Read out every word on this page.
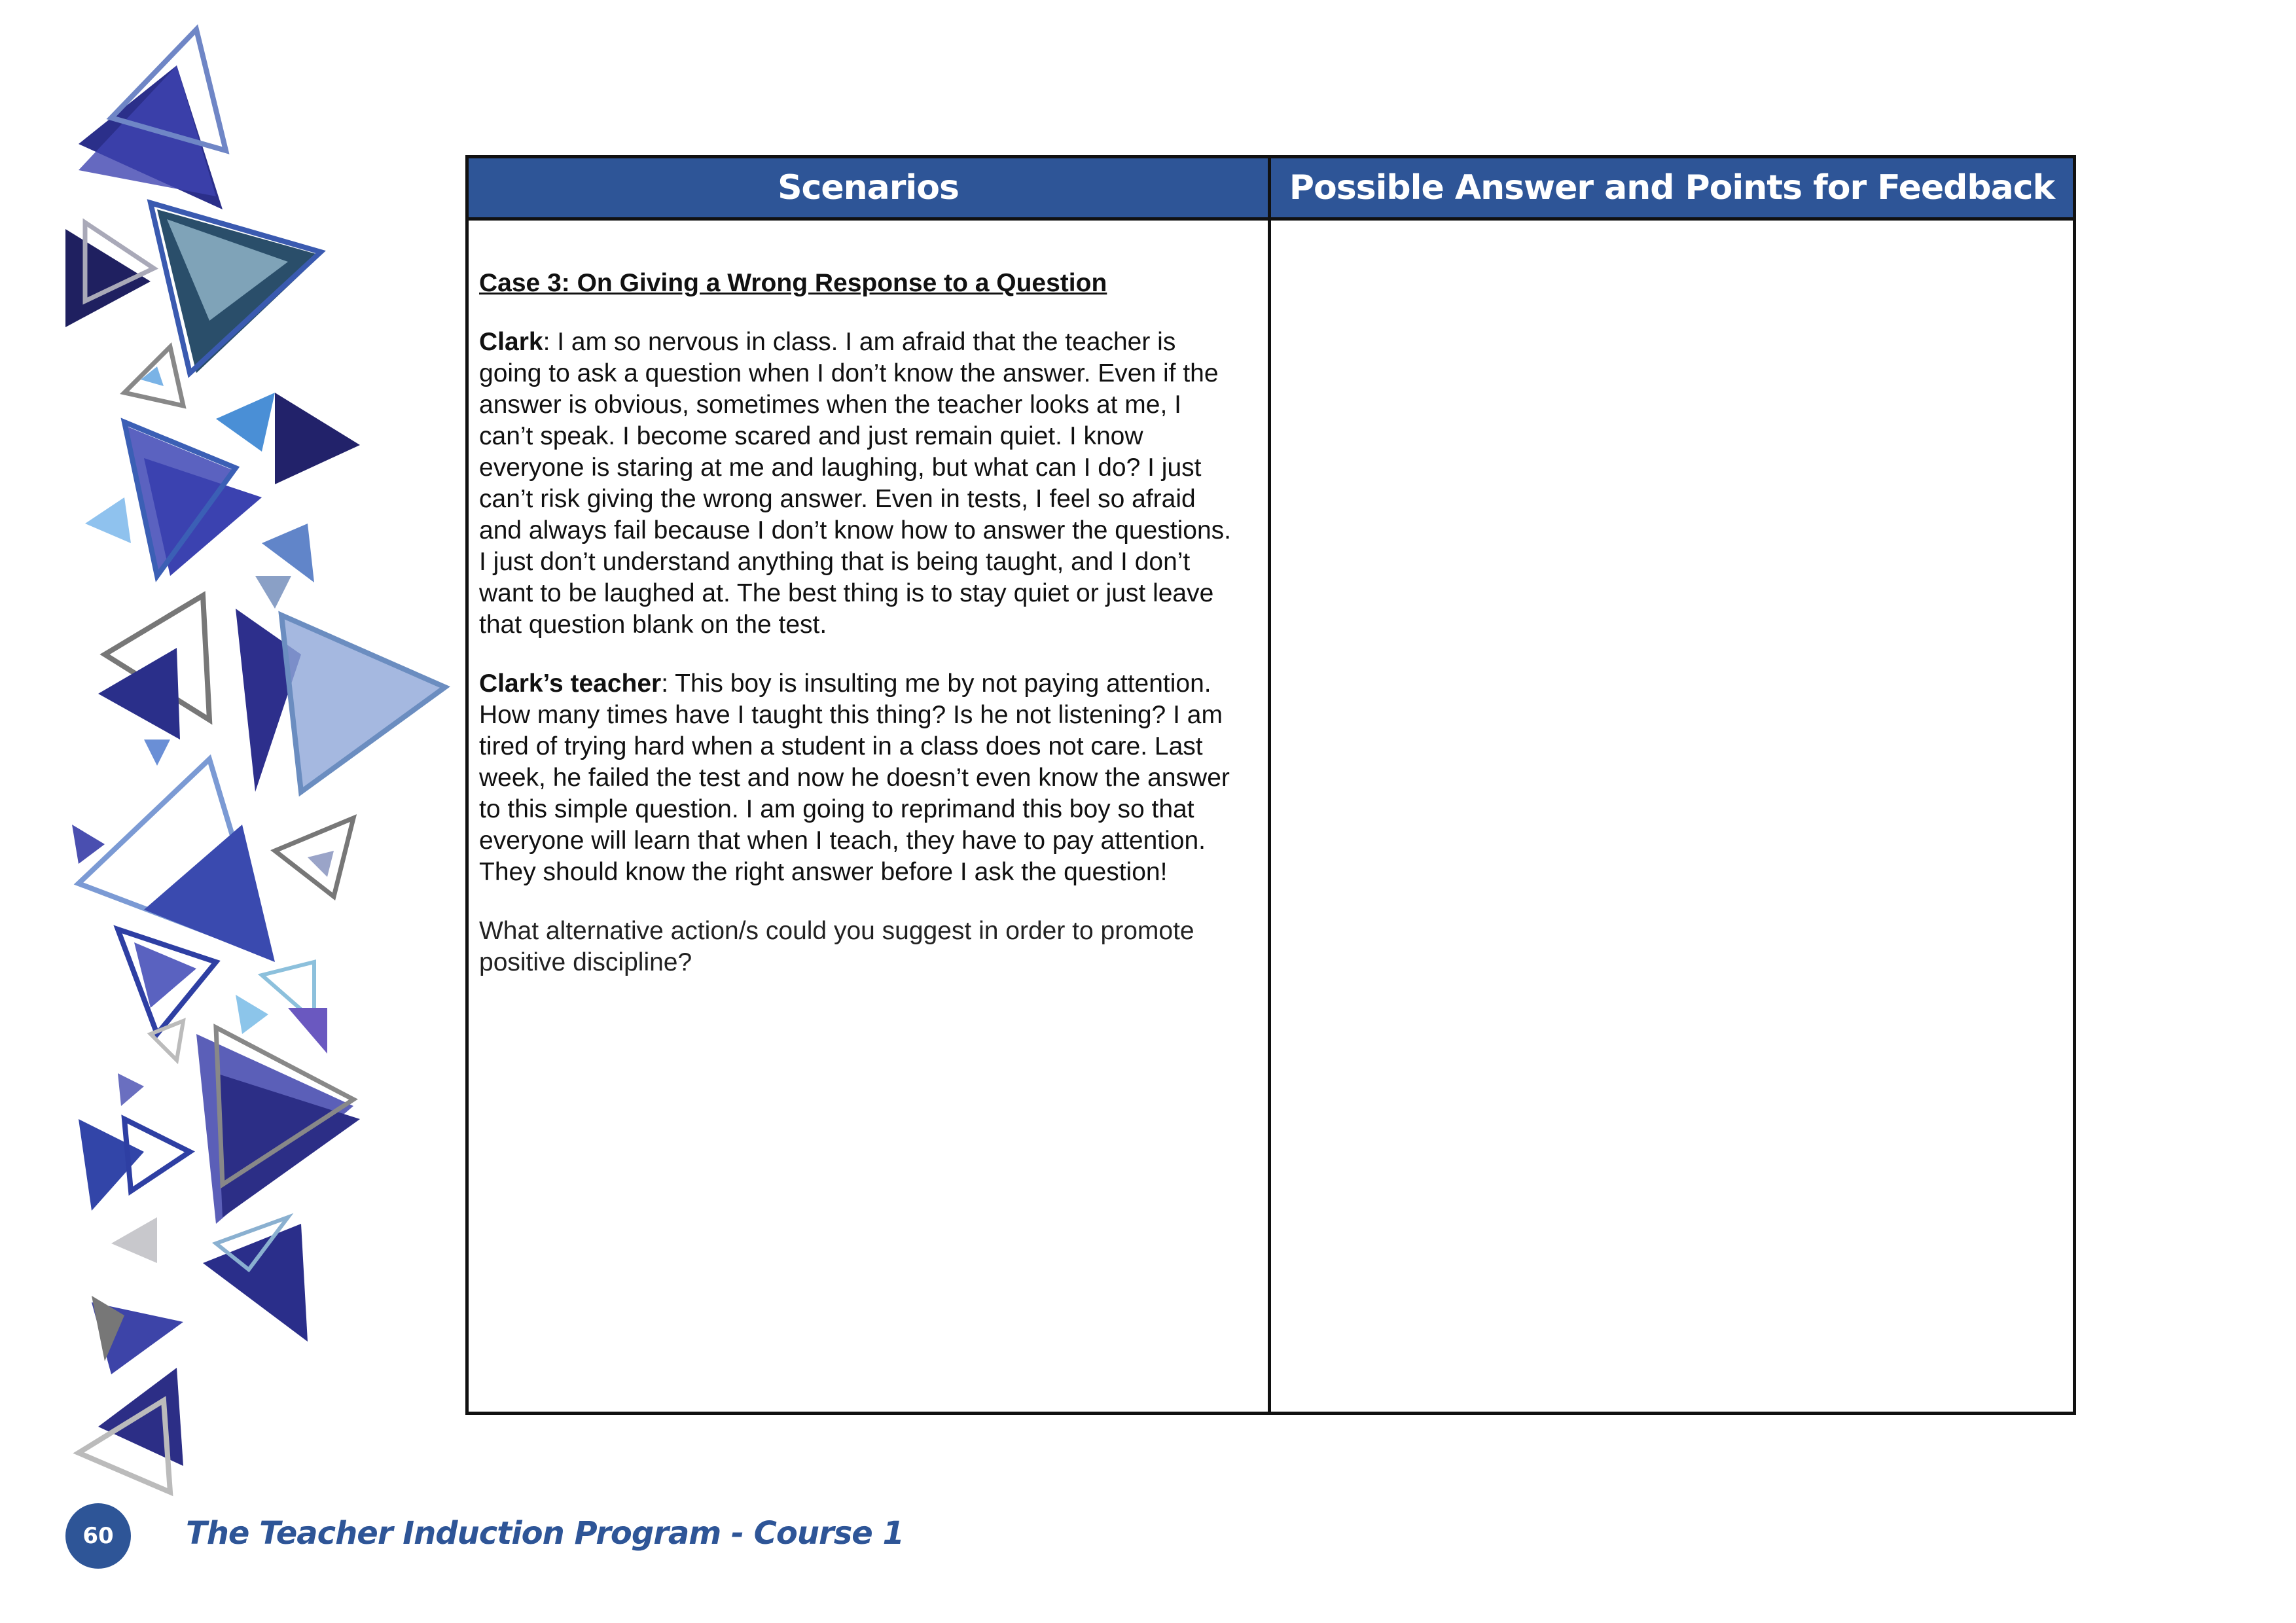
Scenarios	Possible Answer and Points for Feedback

Case 3: On Giving a Wrong Response to a Question

Clark: I am so nervous in class. I am afraid that the teacher is going to ask a question when I don’t know the answer. Even if the answer is obvious, sometimes when the teacher looks at me, I can’t speak. I become scared and just remain quiet. I know everyone is staring at me and laughing, but what can I do? I just can’t risk giving the wrong answer. Even in tests, I feel so afraid and always fail because I don’t know how to answer the questions. I just don’t understand anything that is being taught, and I don’t want to be laughed at. The best thing is to stay quiet or just leave that question blank on the test.

Clark’s teacher: This boy is insulting me by not paying attention. How many times have I taught this thing? Is he not listening? I am tired of trying hard when a student in a class does not care. Last week, he failed the test and now he doesn’t even know the answer to this simple question. I am going to reprimand this boy so that everyone will learn that when I teach, they have to pay attention. They should know the right answer before I ask the question!

What alternative action/s could you suggest in order to promote positive discipline?

60	The Teacher Induction Program - Course 1
